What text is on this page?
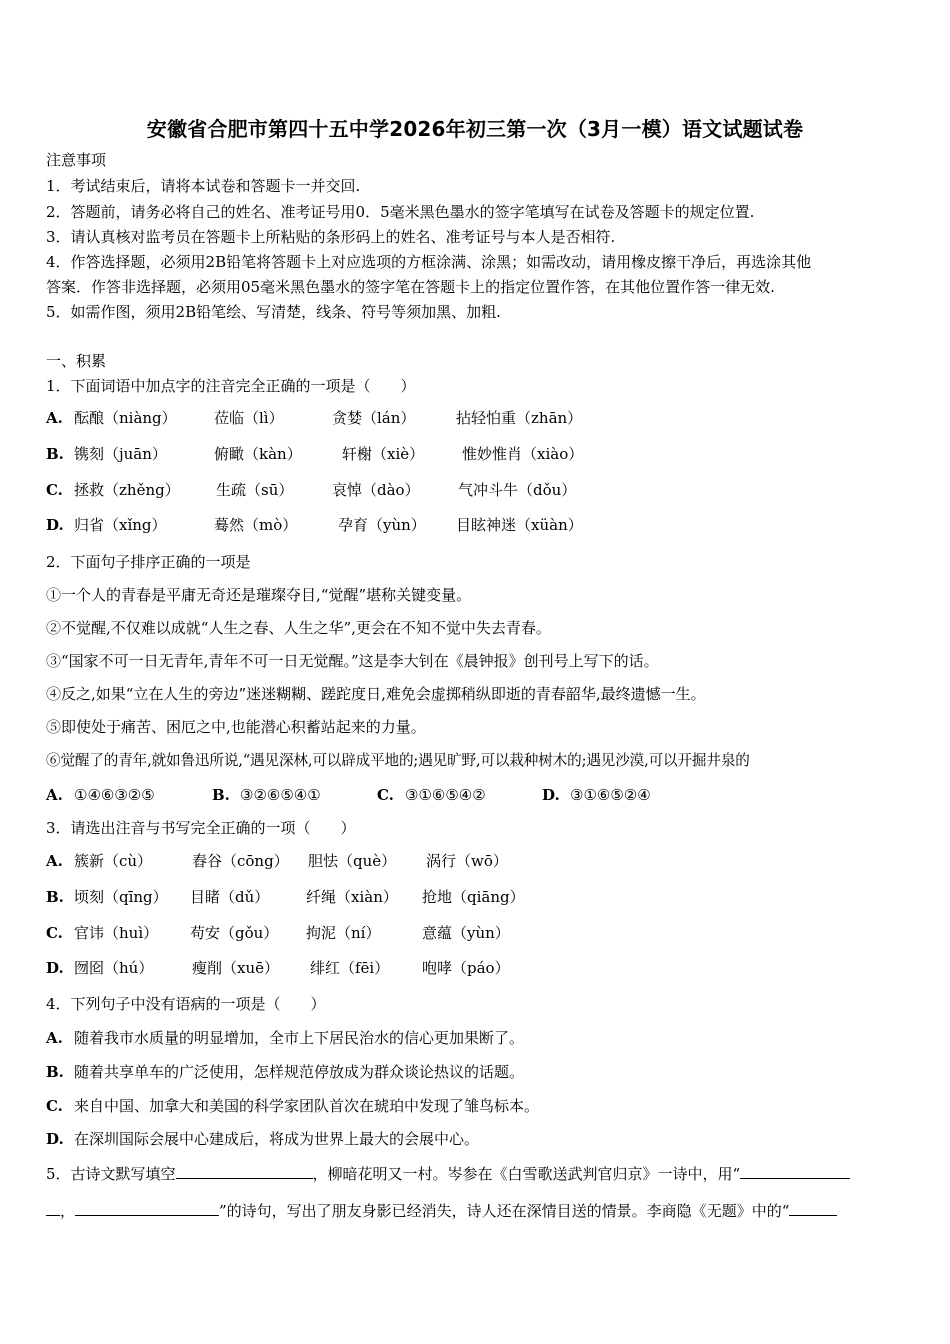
安徽省合肥市第四十五中学2026年初三第一次（3月一模）语文试题试卷
注意事项
1．考试结束后，请将本试卷和答题卡一并交回.
2．答题前，请务必将自己的姓名、准考证号用0．5毫米黑色墨水的签字笔填写在试卷及答题卡的规定位置.
3．请认真核对监考员在答题卡上所粘贴的条形码上的姓名、准考证号与本人是否相符.
4．作答选择题，必须用2B铅笔将答题卡上对应选项的方框涂满、涂黑；如需改动，请用橡皮擦干净后，再选涂其他
答案．作答非选择题，必须用05毫米黑色墨水的签字笔在答题卡上的指定位置作答，在其他位置作答一律无效.
5．如需作图，须用2B铅笔绘、写清楚，线条、符号等须加黑、加粗.
一、积累
1．下面词语中加点字的注音完全正确的一项是（　　）
A. 酝酿（niàng） 莅临（lì）	贪婪（lán）	拈轻怕重（zhān）
B. 镌刻（juān）	俯瞰（kàn）	轩榭（xiè）	惟妙惟肖（xiào）
C. 拯救（zhěng） 生疏（sū）	哀悼（dào）	气冲斗牛（dǒu）
D. 归省（xǐng）	蓦然（mò）	孕育（yùn） 目眩神迷（xüàn）
2．下面句子排序正确的一项是
①一个人的青春是平庸无奇还是璀璨夺目,“觉醒”堪称关键变量。
②不觉醒,不仅难以成就“人生之春、人生之华”,更会在不知不觉中失去青春。
③“国家不可一日无青年,青年不可一日无觉醒。”这是李大钊在《晨钟报》创刊号上写下的话。
④反之,如果“立在人生的旁边”迷迷糊糊、蹉跎度日,难免会虚掷稍纵即逝的青春韶华,最终遗憾一生。
⑤即使处于痛苦、困厄之中,也能潜心积蓄站起来的力量。
⑥觉醒了的青年,就如鲁迅所说,“遇见深林,可以辟成平地的;遇见旷野,可以栽种树木的;遇见沙漠,可以开掘井泉的
A. ①④⑥③②⑤	B. ③②⑥⑤④①	C. ③①⑥⑤④②	D. ③①⑥⑤②④
3．请选出注音与书写完全正确的一项（　　）
A. 簇新（cù）	舂谷（cōng） 胆怯（què） 涡行（wō）
B. 顷刻（qīng） 目睹（dǔ） 纤绳（xiàn） 抢地（qiāng）
C. 官讳（huì） 苟安（gǒu） 拘泥（ní）	意蕴（yùn）
D. 囫囵（hú）	瘦削（xuē） 绯红（fēi） 咆哮（páo）
4．下列句子中没有语病的一项是（　　）
A. 随着我市水质量的明显增加，全市上下居民治水的信心更加果断了。
B. 随着共享单车的广泛使用，怎样规范停放成为群众谈论热议的话题。
C. 来自中国、加拿大和美国的科学家团队首次在琥珀中发现了雏鸟标本。
D. 在深圳国际会展中心建成后，将成为世界上最大的会展中心。
5．古诗文默写填空	，柳暗花明又一村。岑参在《白雪歌送武判官归京》一诗中，用“
，	”的诗句，写出了朋友身影已经消失，诗人还在深情目送的情景。李商隐《无题》中的“
